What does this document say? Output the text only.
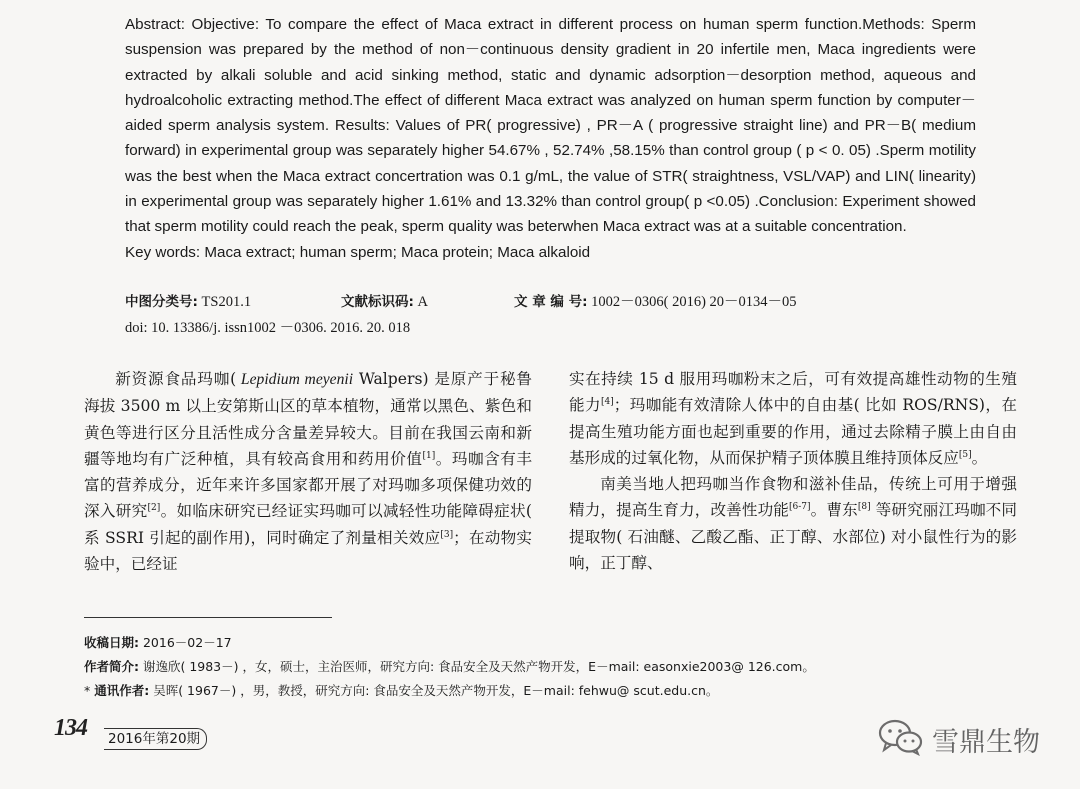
Abstract: Objective: To compare the effect of Maca extract in different process on human sperm function.Methods: Sperm suspension was prepared by the method of non－continuous density gradient in 20 infertile men, Maca ingredients were extracted by alkali soluble and acid sinking method, static and dynamic adsorption－desorption method, aqueous and hydroalcoholic extracting method.The effect of different Maca extract was analyzed on human sperm function by computer－aided sperm analysis system. Results: Values of PR( progressive) , PR－A ( progressive straight line) and PR－B( medium forward) in experimental group was separately higher 54.67% , 52.74% ,58.15% than control group ( p < 0. 05) .Sperm motility was the best when the Maca extract concertration was 0.1 g/mL, the value of STR( straightness, VSL/VAP) and LIN( linearity) in experimental group was separately higher 1.61% and 13.32% than control group( p <0.05) .Conclusion: Experiment showed that sperm motility could reach the peak, sperm quality was beterwhen Maca extract was at a suitable concentration.

Key words: Maca extract; human sperm; Maca protein; Maca alkaloid

中图分类号: TS201.1	文献标识码: A	文 章 编 号: 1002－0306( 2016) 20－0134－05
doi: 10. 13386/j. issn1002 －0306. 2016. 20. 018

新资源食品玛咖( Lepidium meyenii Walpers) 是原产于秘鲁海拔 3500 m 以上安第斯山区的草本植物，通常以黑色、紫色和黄色等进行区分且活性成分含量差异较大。目前在我国云南和新疆等地均有广泛种植，具有较高食用和药用价值[1]。玛咖含有丰富的营养成分，近年来许多国家都开展了对玛咖多项保健功效的深入研究[2]。如临床研究已经证实玛咖可以减轻性功能障碍症状( 系 SSRI 引起的副作用)，同时确定了剂量相关效应[3]；在动物实验中，已经证

实在持续 15 d 服用玛咖粉末之后，可有效提高雄性动物的生殖能力[4]；玛咖能有效清除人体中的自由基( 比如 ROS/RNS)，在提高生殖功能方面也起到重要的作用，通过去除精子膜上由自由基形成的过氧化物，从而保护精子顶体膜且维持顶体反应[5]。

南美当地人把玛咖当作食物和滋补佳品，传统上可用于增强精力，提高生育力，改善性功能[6-7]。曹东[8] 等研究丽江玛咖不同提取物( 石油醚、乙酸乙酯、正丁醇、水部位) 对小鼠性行为的影响，正丁醇、

收稿日期: 2016－02－17
作者简介: 谢逸欣( 1983－) ，女，硕士，主治医师，研究方向: 食品安全及天然产物开发，E－mail: easonxie2003@ 126.com。
* 通讯作者: 吴晖( 1967－) ，男，教授，研究方向: 食品安全及天然产物开发，E－mail: fehwu@ scut.edu.cn。
2016年第20期
134	雪鼎生物
